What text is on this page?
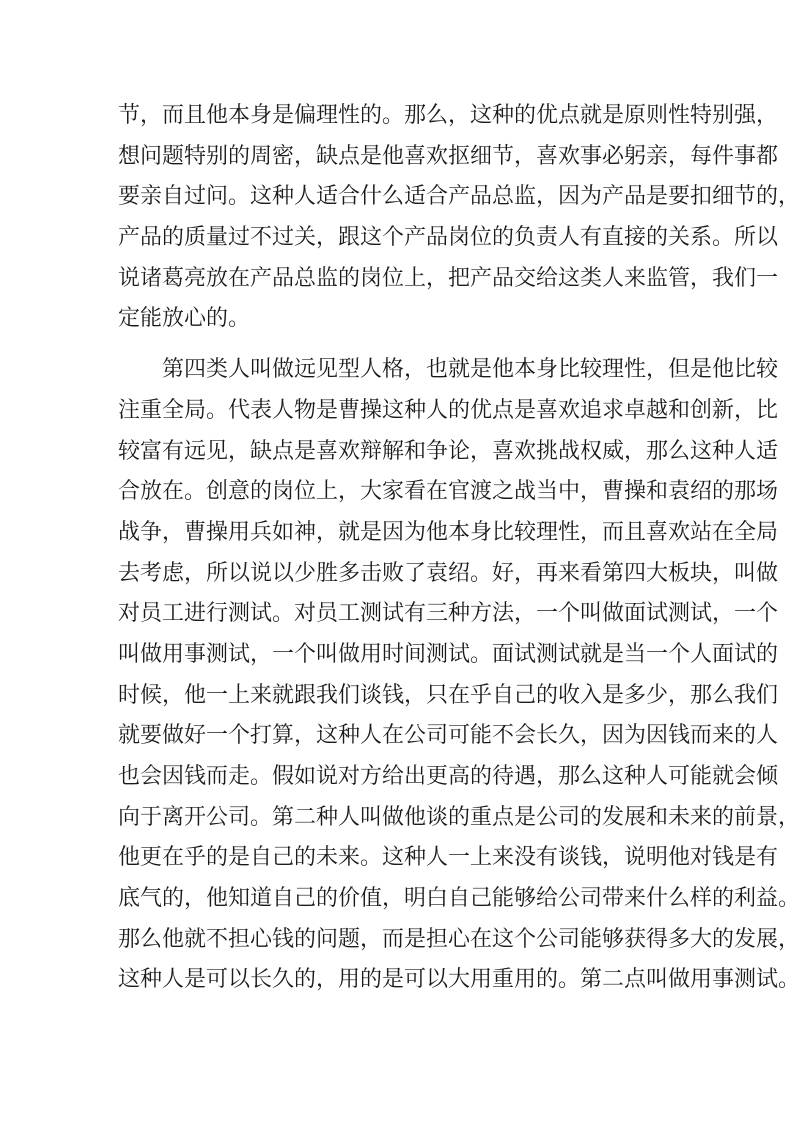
节，而且他本身是偏理性的。那么，这种的优点就是原则性特别强，
想问题特别的周密，缺点是他喜欢抠细节，喜欢事必躬亲，每件事都
要亲自过问。这种人适合什么适合产品总监，因为产品是要扣细节的，
产品的质量过不过关，跟这个产品岗位的负责人有直接的关系。所以
说诸葛亮放在产品总监的岗位上，把产品交给这类人来监管，我们一
定能放心的。
第四类人叫做远见型人格，也就是他本身比较理性，但是他比较
注重全局。代表人物是曹操这种人的优点是喜欢追求卓越和创新，比
较富有远见，缺点是喜欢辩解和争论，喜欢挑战权威，那么这种人适
合放在。创意的岗位上，大家看在官渡之战当中，曹操和袁绍的那场
战争，曹操用兵如神，就是因为他本身比较理性，而且喜欢站在全局
去考虑，所以说以少胜多击败了袁绍。好，再来看第四大板块，叫做
对员工进行测试。对员工测试有三种方法，一个叫做面试测试，一个
叫做用事测试，一个叫做用时间测试。面试测试就是当一个人面试的
时候，他一上来就跟我们谈钱，只在乎自己的收入是多少，那么我们
就要做好一个打算，这种人在公司可能不会长久，因为因钱而来的人
也会因钱而走。假如说对方给出更高的待遇，那么这种人可能就会倾
向于离开公司。第二种人叫做他谈的重点是公司的发展和未来的前景，
他更在乎的是自己的未来。这种人一上来没有谈钱，说明他对钱是有
底气的，他知道自己的价值，明白自己能够给公司带来什么样的利益。
那么他就不担心钱的问题，而是担心在这个公司能够获得多大的发展，
这种人是可以长久的，用的是可以大用重用的。第二点叫做用事测试。
